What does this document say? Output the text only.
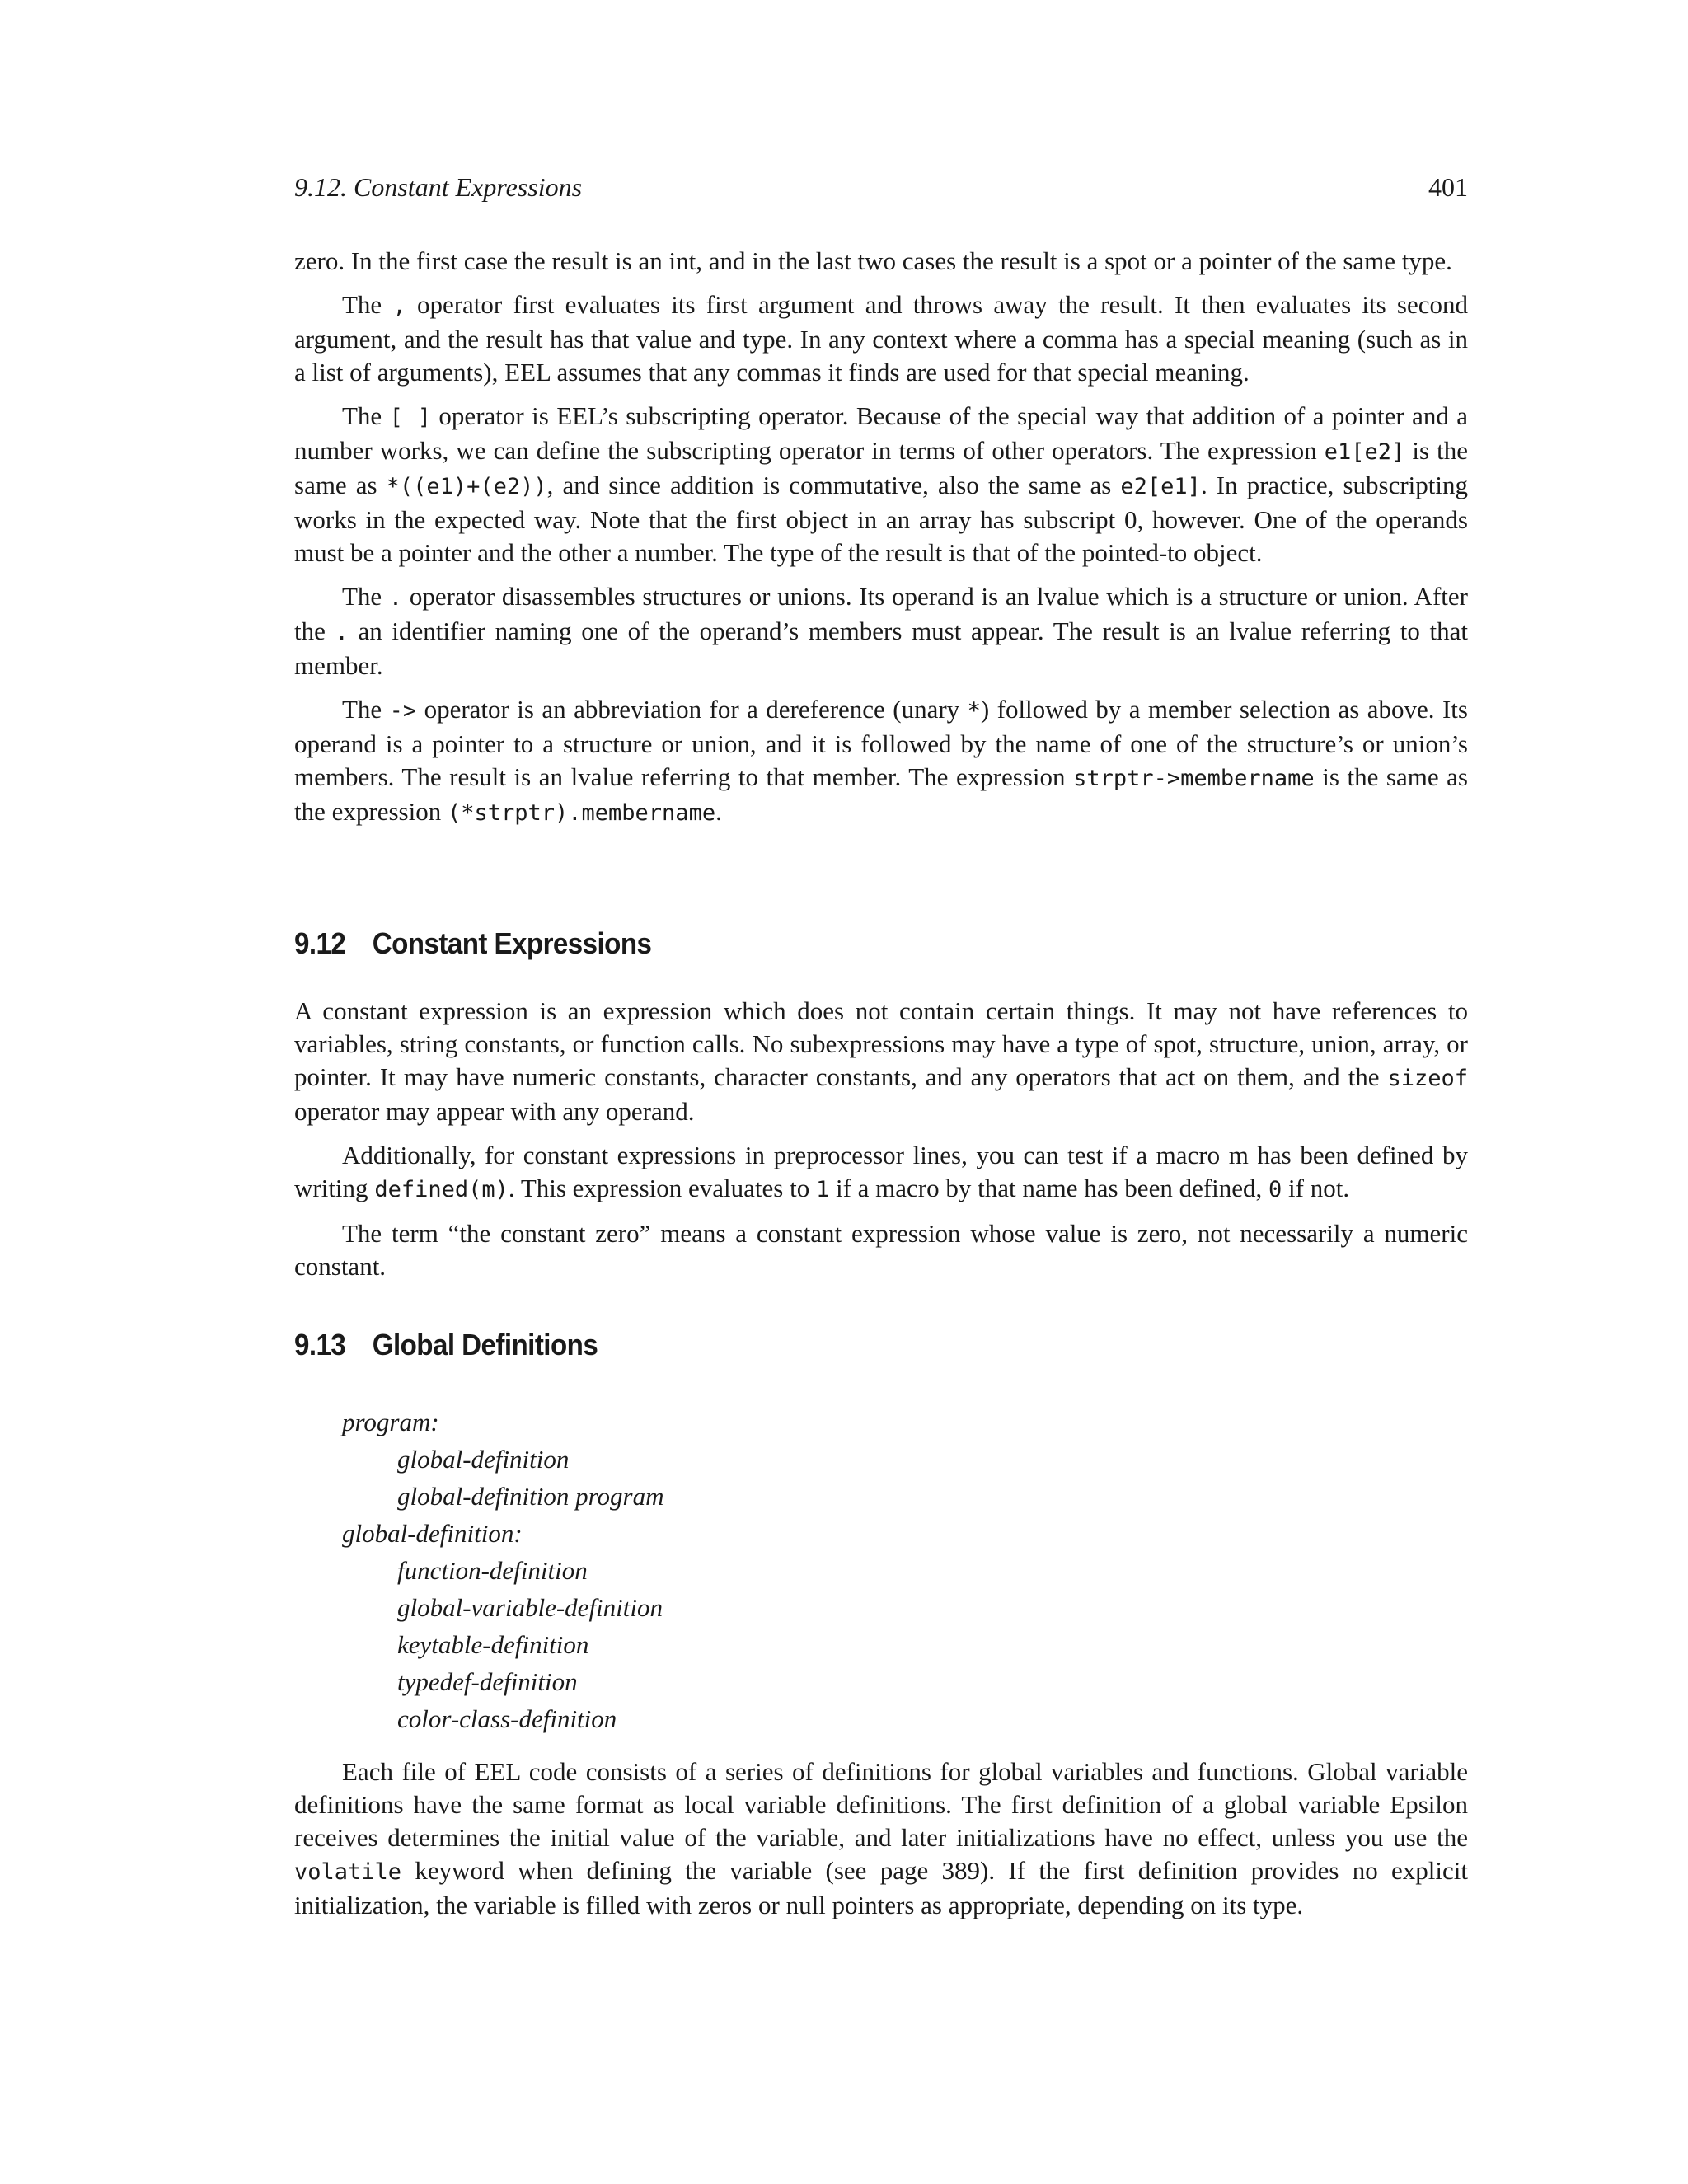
9.12. Constant Expressions	401

zero. In the first case the result is an int, and in the last two cases the result is a spot or a pointer of the same type.

The , operator first evaluates its first argument and throws away the result. It then evaluates its second argument, and the result has that value and type. In any context where a comma has a special meaning (such as in a list of arguments), EEL assumes that any commas it finds are used for that special meaning.

The [ ] operator is EEL’s subscripting operator. Because of the special way that addition of a pointer and a number works, we can define the subscripting operator in terms of other operators. The expression e1[e2] is the same as *((e1)+(e2)), and since addition is commutative, also the same as e2[e1]. In practice, subscripting works in the expected way. Note that the first object in an array has subscript 0, however. One of the operands must be a pointer and the other a number. The type of the result is that of the pointed-to object.

The . operator disassembles structures or unions. Its operand is an lvalue which is a structure or union. After the . an identifier naming one of the operand’s members must appear. The result is an lvalue referring to that member.

The -> operator is an abbreviation for a dereference (unary *) followed by a member selection as above. Its operand is a pointer to a structure or union, and it is followed by the name of one of the structure’s or union’s members. The result is an lvalue referring to that member. The expression strptr->membername is the same as the expression (*strptr).membername.

9.12 Constant Expressions

A constant expression is an expression which does not contain certain things. It may not have references to variables, string constants, or function calls. No subexpressions may have a type of spot, structure, union, array, or pointer. It may have numeric constants, character constants, and any operators that act on them, and the sizeof operator may appear with any operand.

Additionally, for constant expressions in preprocessor lines, you can test if a macro m has been defined by writing defined(m). This expression evaluates to 1 if a macro by that name has been defined, 0 if not.

The term “the constant zero” means a constant expression whose value is zero, not necessarily a numeric constant.

9.13 Global Definitions
program:
global-definition
global-definition program
global-definition:
function-definition
global-variable-definition
keytable-definition
typedef-definition
color-class-definition

Each file of EEL code consists of a series of definitions for global variables and functions. Global variable definitions have the same format as local variable definitions. The first definition of a global variable Epsilon receives determines the initial value of the variable, and later initializations have no effect, unless you use the volatile keyword when defining the variable (see page 389). If the first definition provides no explicit initialization, the variable is filled with zeros or null pointers as appropriate, depending on its type.
